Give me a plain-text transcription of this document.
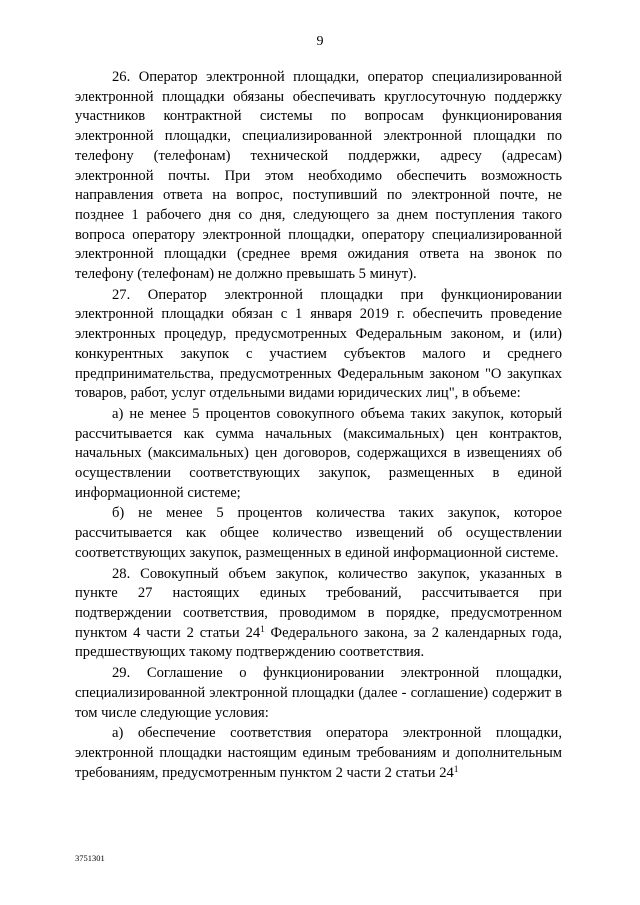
9

26. Оператор электронной площадки, оператор специализированной электронной площадки обязаны обеспечивать круглосуточную поддержку участников контрактной системы по вопросам функционирования электронной площадки, специализированной электронной площадки по телефону (телефонам) технической поддержки, адресу (адресам) электронной почты. При этом необходимо обеспечить возможность направления ответа на вопрос, поступивший по электронной почте, не позднее 1 рабочего дня со дня, следующего за днем поступления такого вопроса оператору электронной площадки, оператору специализированной электронной площадки (среднее время ожидания ответа на звонок по телефону (телефонам) не должно превышать 5 минут).

27. Оператор электронной площадки при функционировании электронной площадки обязан с 1 января 2019 г. обеспечить проведение электронных процедур, предусмотренных Федеральным законом, и (или) конкурентных закупок с участием субъектов малого и среднего предпринимательства, предусмотренных Федеральным законом "О закупках товаров, работ, услуг отдельными видами юридических лиц", в объеме:

а) не менее 5 процентов совокупного объема таких закупок, который рассчитывается как сумма начальных (максимальных) цен контрактов, начальных (максимальных) цен договоров, содержащихся в извещениях об осуществлении соответствующих закупок, размещенных в единой информационной системе;

б) не менее 5 процентов количества таких закупок, которое рассчитывается как общее количество извещений об осуществлении соответствующих закупок, размещенных в единой информационной системе.

28. Совокупный объем закупок, количество закупок, указанных в пункте 27 настоящих единых требований, рассчитывается при подтверждении соответствия, проводимом в порядке, предусмотренном пунктом 4 части 2 статьи $24^1$ Федерального закона, за 2 календарных года, предшествующих такому подтверждению соответствия.

29. Соглашение о функционировании электронной площадки, специализированной электронной площадки (далее - соглашение) содержит в том числе следующие условия:

а) обеспечение соответствия оператора электронной площадки, электронной площадки настоящим единым требованиям и дополнительным требованиям, предусмотренным пунктом 2 части 2 статьи $24^1$

3751301
